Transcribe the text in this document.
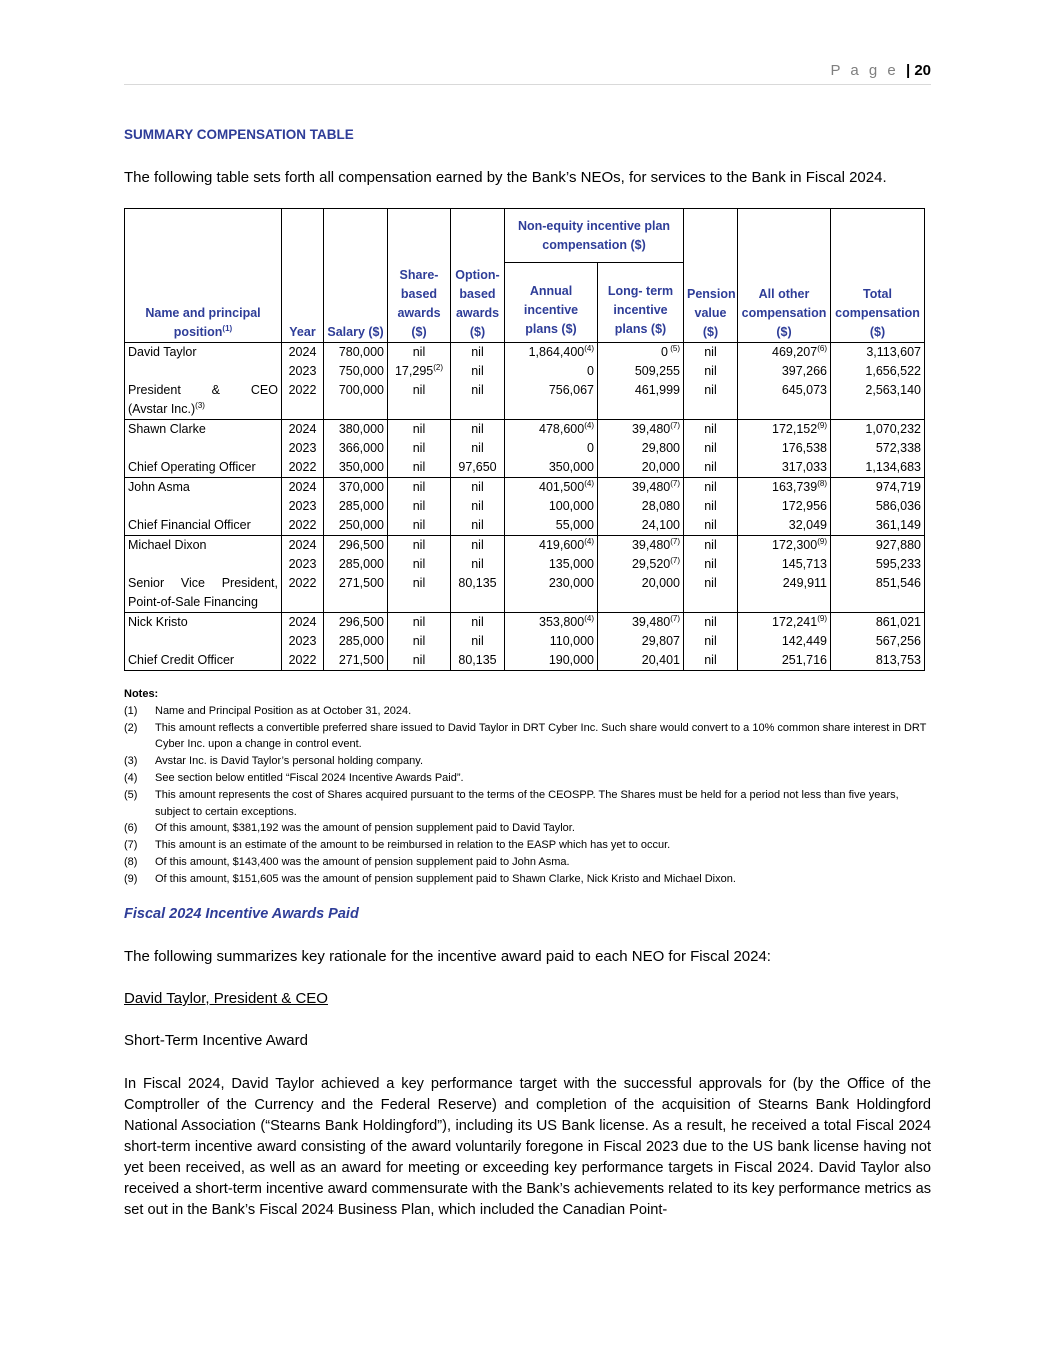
P a g e | 20
SUMMARY COMPENSATION TABLE
The following table sets forth all compensation earned by the Bank’s NEOs, for services to the Bank in Fiscal 2024.
Name and principal position$^{(1)}$	Year	Salary ($)	Share-based awards ($)	Option-based awards ($)	Non-equity incentive plan compensation ($)		Pension value ($)	All other compensation ($)	Total compensation ($)
					Annual incentive plans ($)	Long- term incentive plans ($)			
David Taylor	2024	780,000	nil	nil	1,864,400$^{(4)}$	0 $^{(5)}$	nil	469,207$^{(6)}$	3,113,607
	2023	750,000	17,295$^{(2)}$	nil	0	509,255	nil	397,266	1,656,522
President & CEO	2022	700,000	nil	nil	756,067	461,999	nil	645,073	2,563,140
(Avstar Inc.)$^{(3)}$									
Shawn Clarke	2024	380,000	nil	nil	478,600$^{(4)}$	39,480$^{(7)}$	nil	172,152$^{(9)}$	1,070,232
	2023	366,000	nil	nil	0	29,800	nil	176,538	572,338
Chief Operating Officer	2022	350,000	nil	97,650	350,000	20,000	nil	317,033	1,134,683
John Asma	2024	370,000	nil	nil	401,500$^{(4)}$	39,480$^{(7)}$	nil	163,739$^{(8)}$	974,719
	2023	285,000	nil	nil	100,000	28,080	nil	172,956	586,036
Chief Financial Officer	2022	250,000	nil	nil	55,000	24,100	nil	32,049	361,149
Michael Dixon	2024	296,500	nil	nil	419,600$^{(4)}$	39,480$^{(7)}$	nil	172,300$^{(9)}$	927,880
	2023	285,000	nil	nil	135,000	29,520$^{(7)}$	nil	145,713	595,233
Senior Vice President,	2022	271,500	nil	80,135	230,000	20,000	nil	249,911	851,546
Point-of-Sale Financing									
Nick Kristo	2024	296,500	nil	nil	353,800$^{(4)}$	39,480$^{(7)}$	nil	172,241$^{(9)}$	861,021
	2023	285,000	nil	nil	110,000	29,807	nil	142,449	567,256
Chief Credit Officer	2022	271,500	nil	80,135	190,000	20,401	nil	251,716	813,753
Notes:
(1)	Name and Principal Position as at October 31, 2024.
(2)	This amount reflects a convertible preferred share issued to David Taylor in DRT Cyber Inc. Such share would convert to a 10% common share interest in DRT Cyber Inc. upon a change in control event.
(3)	Avstar Inc. is David Taylor’s personal holding company.
(4)	See section below entitled “Fiscal 2024 Incentive Awards Paid”.
(5)	This amount represents the cost of Shares acquired pursuant to the terms of the CEOSPP. The Shares must be held for a period not less than five years, subject to certain exceptions.
(6)	Of this amount, $381,192 was the amount of pension supplement paid to David Taylor.
(7)	This amount is an estimate of the amount to be reimbursed in relation to the EASP which has yet to occur.
(8)	Of this amount, $143,400 was the amount of pension supplement paid to John Asma.
(9)	Of this amount, $151,605 was the amount of pension supplement paid to Shawn Clarke, Nick Kristo and Michael Dixon.
Fiscal 2024 Incentive Awards Paid
The following summarizes key rationale for the incentive award paid to each NEO for Fiscal 2024:
David Taylor, President & CEO
Short-Term Incentive Award
In Fiscal 2024, David Taylor achieved a key performance target with the successful approvals for (by the Office of the Comptroller of the Currency and the Federal Reserve) and completion of the acquisition of Stearns Bank Holdingford National Association (“Stearns Bank Holdingford”), including its US Bank license. As a result, he received a total Fiscal 2024 short-term incentive award consisting of the award voluntarily foregone in Fiscal 2023 due to the US bank license having not yet been received, as well as an award for meeting or exceeding key performance targets in Fiscal 2024. David Taylor also received a short-term incentive award commensurate with the Bank’s achievements related to its key performance metrics as set out in the Bank’s Fiscal 2024 Business Plan, which included the Canadian Point-
